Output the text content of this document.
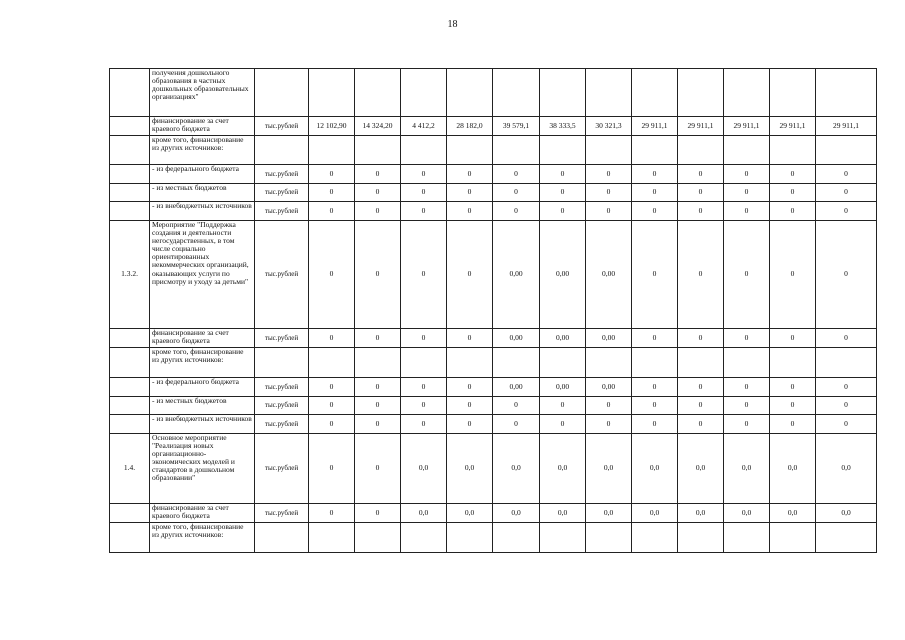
18
	получения дошкольного образования в частных дошкольных образовательных организациях"													
	финансирование за счет краевого бюджета	тыс.рублей	12 102,90	14 324,20	4 412,2	28 182,0	39 579,1	38 333,5	30 321,3	29 911,1	29 911,1	29 911,1	29 911,1	29 911,1
	кроме того, финансирование из других источников:													
	- из федерального бюджета	тыс.рублей	0	0	0	0	0	0	0	0	0	0	0	0
	- из местных бюджетов	тыс.рублей	0	0	0	0	0	0	0	0	0	0	0	0
	- из внебюджетных источников	тыс.рублей	0	0	0	0	0	0	0	0	0	0	0	0
1.3.2.	Мероприятие "Поддержка создания и деятельности негосударственных, в том числе социально ориентированных некоммерческих организаций, оказывающих услуги по присмотру и уходу за детьми"	тыс.рублей	0	0	0	0	0,00	0,00	0,00	0	0	0	0	0
	финансирование за счет краевого бюджета	тыс.рублей	0	0	0	0	0,00	0,00	0,00	0	0	0	0	0
	кроме того, финансирование из других источников:													
	- из федерального бюджета	тыс.рублей	0	0	0	0	0,00	0,00	0,00	0	0	0	0	0
	- из местных бюджетов	тыс.рублей	0	0	0	0	0	0	0	0	0	0	0	0
	- из внебюджетных источников	тыс.рублей	0	0	0	0	0	0	0	0	0	0	0	0
1.4.	Основное мероприятие "Реализация новых организационно-экономических моделей и стандартов в дошкольном образовании"	тыс.рублей	0	0	0,0	0,0	0,0	0,0	0,0	0,0	0,0	0,0	0,0	0,0
	финансирование за счет краевого бюджета	тыс.рублей	0	0	0,0	0,0	0,0	0,0	0,0	0,0	0,0	0,0	0,0	0,0
	кроме того, финансирование из других источников:													
